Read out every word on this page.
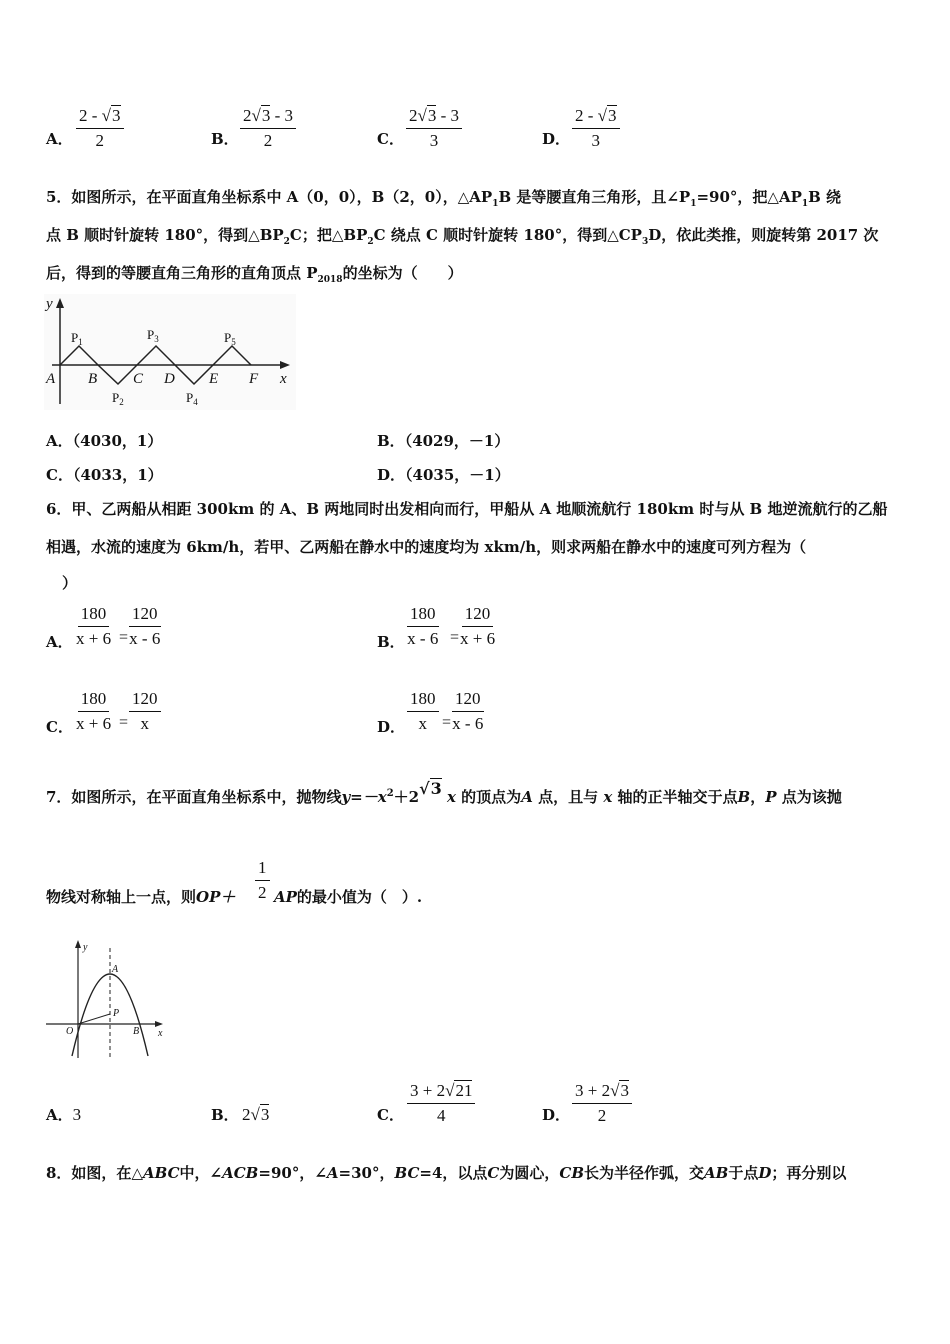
A． $\frac{2 - √3}{2}$	B． $\frac{2√3 - 3}{2}$	C． $\frac{2√3 - 3}{3}$	D． $\frac{2 - √3}{3}$
5．如图所示，在平面直角坐标系中 A（0，0），B（2，0），$\triangle AP_1B$ 是等腰直角三角形，且$\angle P_1=90^\circ$，把$\triangle AP_1B$ 绕
点 B 顺时针旋转 180°，得到$\triangle BP_2C$；把$\triangle BP_2C$ 绕点 C 顺时针旋转 180°，得到$\triangle CP_3D$，依此类推，则旋转第 2017 次
后，得到的等腰直角三角形的直角顶点 $P_{2018}$的坐标为（　　）
y
x
A B C D E F
$P_1$	$P_3$	$P_5$
$P_2$	$P_4$
A．（4030，1）	B．（4029，－1）
C．（4033，1）	D．（4035，－1）
6．甲、乙两船从相距 300km 的 A、B 两地同时出发相向而行，甲船从 A 地顺流航行 180km 时与从 B 地逆流航行的乙船
相遇，水流的速度为 6km/h，若甲、乙两船在静水中的速度均为 xkm/h，则求两船在静水中的速度可列方程为（
）
A． $\frac{180}{x + 6} = \frac{120}{x - 6}$	B． $\frac{180}{x - 6} = \frac{120}{x + 6}$
C． $\frac{180}{x + 6} = \frac{120}{x}$	D． $\frac{180}{x} = \frac{120}{x - 6}$
7．如图所示，在平面直角坐标系中，抛物线$y=-x^2+2√3$ x 的顶点为A 点，且与 x 轴的正半轴交于点B，P 点为该抛
物线对称轴上一点，则$OP+ \frac{1}{2}$ AP的最小值为（　）.
y
x
O
A
P
B
A．3	B． 2√3	C． $\frac{3 + 2√21}{4}$	D． $\frac{3 + 2√3}{2}$
8．如图，在△ABC中，∠ACB=90°，∠A=30°，BC=4，以点C为圆心，CB长为半径作弧，交AB于点D；再分别以
